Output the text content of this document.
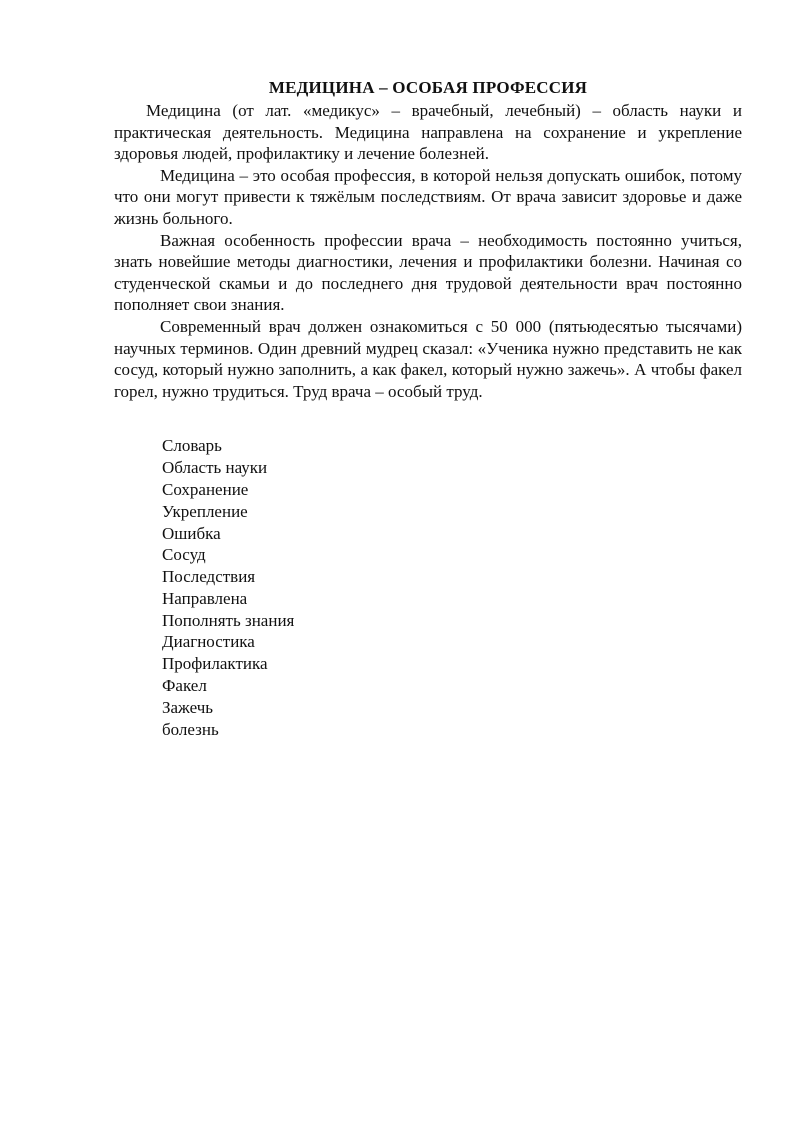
МЕДИЦИНА – ОСОБАЯ ПРОФЕССИЯ

Медицина (от лат. «медикус» – врачебный, лечебный) – область науки и практическая деятельность. Медицина направлена на сохранение и укрепление здоровья людей, профилактику и лечение болезней.

Медицина – это особая профессия, в которой нельзя допускать ошибок, потому что они могут привести к тяжёлым последствиям. От врача зависит здоровье и даже жизнь больного.

Важная особенность профессии врача – необходимость постоянно учиться, знать новейшие методы диагностики, лечения и профилактики болезни. Начиная со студенческой скамьи и до последнего дня трудовой деятельности врач постоянно пополняет свои знания.

Современный врач должен ознакомиться с 50 000 (пятьюдесятью тысячами) научных терминов. Один древний мудрец сказал: «Ученика нужно представить не как сосуд, который нужно заполнить, а как факел, который нужно зажечь». А чтобы факел горел, нужно трудиться. Труд врача – особый труд.

Словарь
Область науки
Сохранение
Укрепление
Ошибка
Сосуд
Последствия
Направлена
Пополнять знания
Диагностика
Профилактика
Факел
Зажечь
болезнь
